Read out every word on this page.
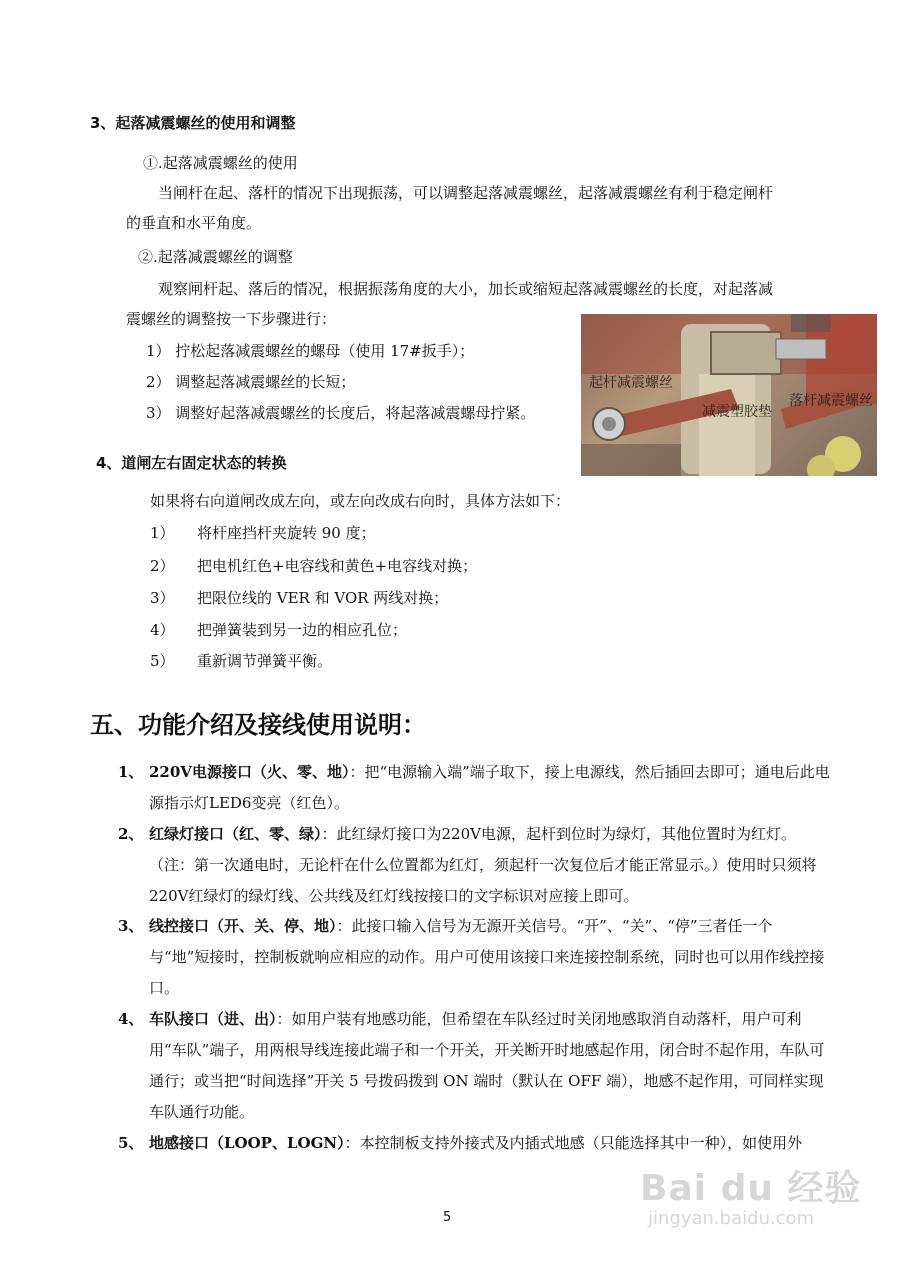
3、起落减震螺丝的使用和调整
①.起落减震螺丝的使用
当闸杆在起、落杆的情况下出现振荡，可以调整起落减震螺丝，起落减震螺丝有利于稳定闸杆
的垂直和水平角度。
②.起落减震螺丝的调整
观察闸杆起、落后的情况，根据振荡角度的大小，加长或缩短起落减震螺丝的长度，对起落减
震螺丝的调整按一下步骤进行：
1） 拧松起落减震螺丝的螺母（使用 17#扳手）；
2） 调整起落减震螺丝的长短；
3） 调整好起落减震螺丝的长度后，将起落减震螺母拧紧。
起杆减震螺丝
减震塑胶垫
落杆减震螺丝
4、道闸左右固定状态的转换
如果将右向道闸改成左向，或左向改成右向时，具体方法如下：
1） 将杆座挡杆夹旋转 90 度；
2） 把电机红色+电容线和黄色+电容线对换；
3） 把限位线的 VER 和 VOR 两线对换；
4） 把弹簧装到另一边的相应孔位；
5） 重新调节弹簧平衡。
五、功能介绍及接线使用说明：
1、 220V电源接口（火、零、地）：把“电源输入端”端子取下，接上电源线，然后插回去即可；通电后此电源指示灯LED6变亮（红色）。
2、 红绿灯接口（红、零、绿）：此红绿灯接口为220V电源，起杆到位时为绿灯，其他位置时为红灯。（注：第一次通电时，无论杆在什么位置都为红灯，须起杆一次复位后才能正常显示。）使用时只须将220V红绿灯的绿灯线、公共线及红灯线按接口的文字标识对应接上即可。
3、 线控接口（开、关、停、地）：此接口输入信号为无源开关信号。“开”、“关”、“停”三者任一个与“地”短接时，控制板就响应相应的动作。用户可使用该接口来连接控制系统，同时也可以用作线控接口。
4、 车队接口（进、出）：如用户装有地感功能，但希望在车队经过时关闭地感取消自动落杆，用户可利用“车队”端子，用两根导线连接此端子和一个开关，开关断开时地感起作用，闭合时不起作用，车队可通行；或当把“时间选择”开关 5 号拨码拨到 ON 端时（默认在 OFF 端），地感不起作用，可同样实现车队通行功能。
5、 地感接口（LOOP、LOGN）：本控制板支持外接式及内插式地感（只能选择其中一种），如使用外
5
Bai du 经验
jingyan.baidu.com
